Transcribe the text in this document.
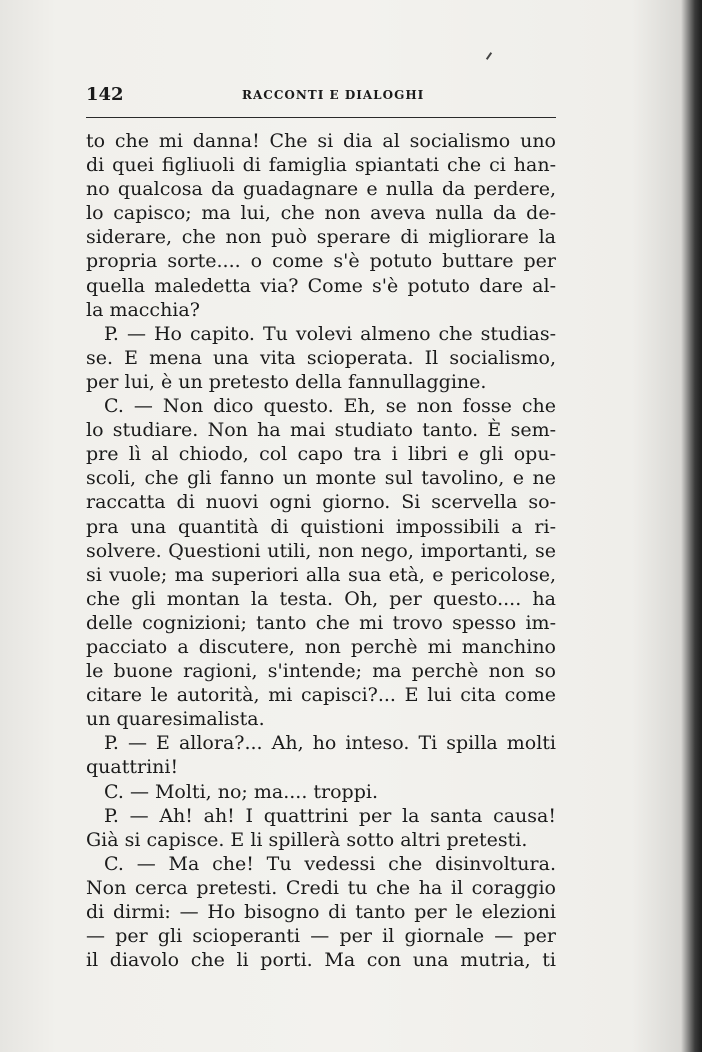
142	RACCONTI E DIALOGHI
to che mi danna! Che si dia al socialismo uno
di quei figliuoli di famiglia spiantati che ci han-
no qualcosa da guadagnare e nulla da perdere,
lo capisco; ma lui, che non aveva nulla da de-
siderare, che non può sperare di migliorare la
propria sorte.... o come s'è potuto buttare per
quella maledetta via? Come s'è potuto dare al-
la macchia?
P. — Ho capito. Tu volevi almeno che studias-
se. E mena una vita scioperata. Il socialismo,
per lui, è un pretesto della fannullaggine.
C. — Non dico questo. Eh, se non fosse che
lo studiare. Non ha mai studiato tanto. È sem-
pre lì al chiodo, col capo tra i libri e gli opu-
scoli, che gli fanno un monte sul tavolino, e ne
raccatta di nuovi ogni giorno. Si scervella so-
pra una quantità di quistioni impossibili a ri-
solvere. Questioni utili, non nego, importanti, se
si vuole; ma superiori alla sua età, e pericolose,
che gli montan la testa. Oh, per questo.... ha
delle cognizioni; tanto che mi trovo spesso im-
pacciato a discutere, non perchè mi manchino
le buone ragioni, s'intende; ma perchè non so
citare le autorità, mi capisci?... E lui cita come
un quaresimalista.
P. — E allora?... Ah, ho inteso. Ti spilla molti
quattrini!
C. — Molti, no; ma.... troppi.
P. — Ah! ah! I quattrini per la santa causa!
Già si capisce. E li spillerà sotto altri pretesti.
C. — Ma che! Tu vedessi che disinvoltura.
Non cerca pretesti. Credi tu che ha il coraggio
di dirmi: — Ho bisogno di tanto per le elezioni
— per gli scioperanti — per il giornale — per
il diavolo che li porti. Ma con una mutria, ti
